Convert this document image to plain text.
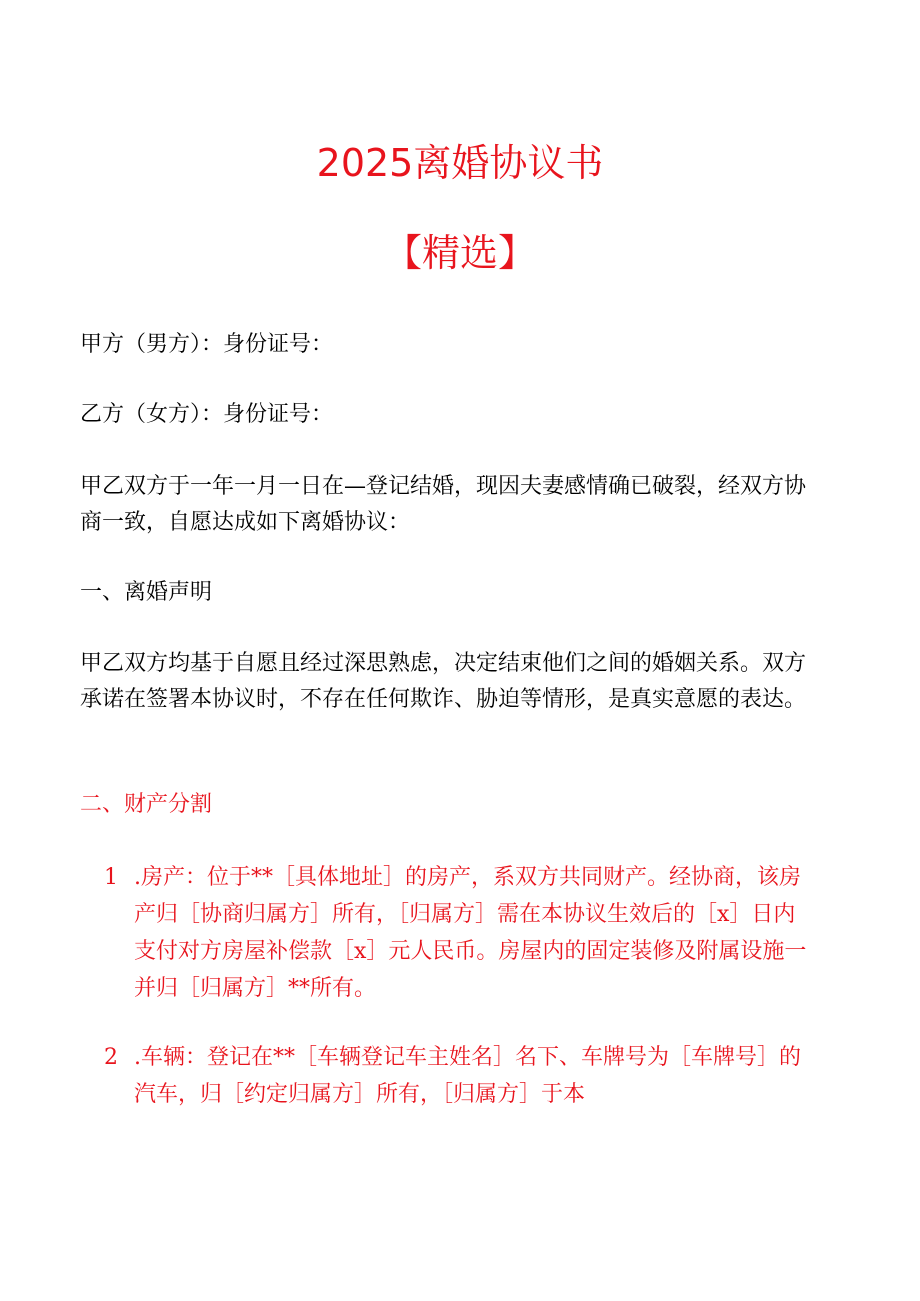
2025离婚协议书
【精选】

甲方（男方）：身份证号：

乙方（女方）：身份证号：

甲乙双方于一年一月一日在—登记结婚，现因夫妻感情确已破裂，经双方协商一致，自愿达成如下离婚协议：

一、离婚声明

甲乙双方均基于自愿且经过深思熟虑，决定结束他们之间的婚姻关系。双方承诺在签署本协议时，不存在任何欺诈、胁迫等情形，是真实意愿的表达。

二、财产分割

1 .房产：位于**［具体地址］的房产，系双方共同财产。经协商，该房产归［协商归属方］所有，［归属方］需在本协议生效后的［x］日内支付对方房屋补偿款［x］元人民币。房屋内的固定装修及附属设施一并归［归属方］**所有。
2 .车辆：登记在**［车辆登记车主姓名］名下、车牌号为［车牌号］的汽车，归［约定归属方］所有，［归属方］于本
